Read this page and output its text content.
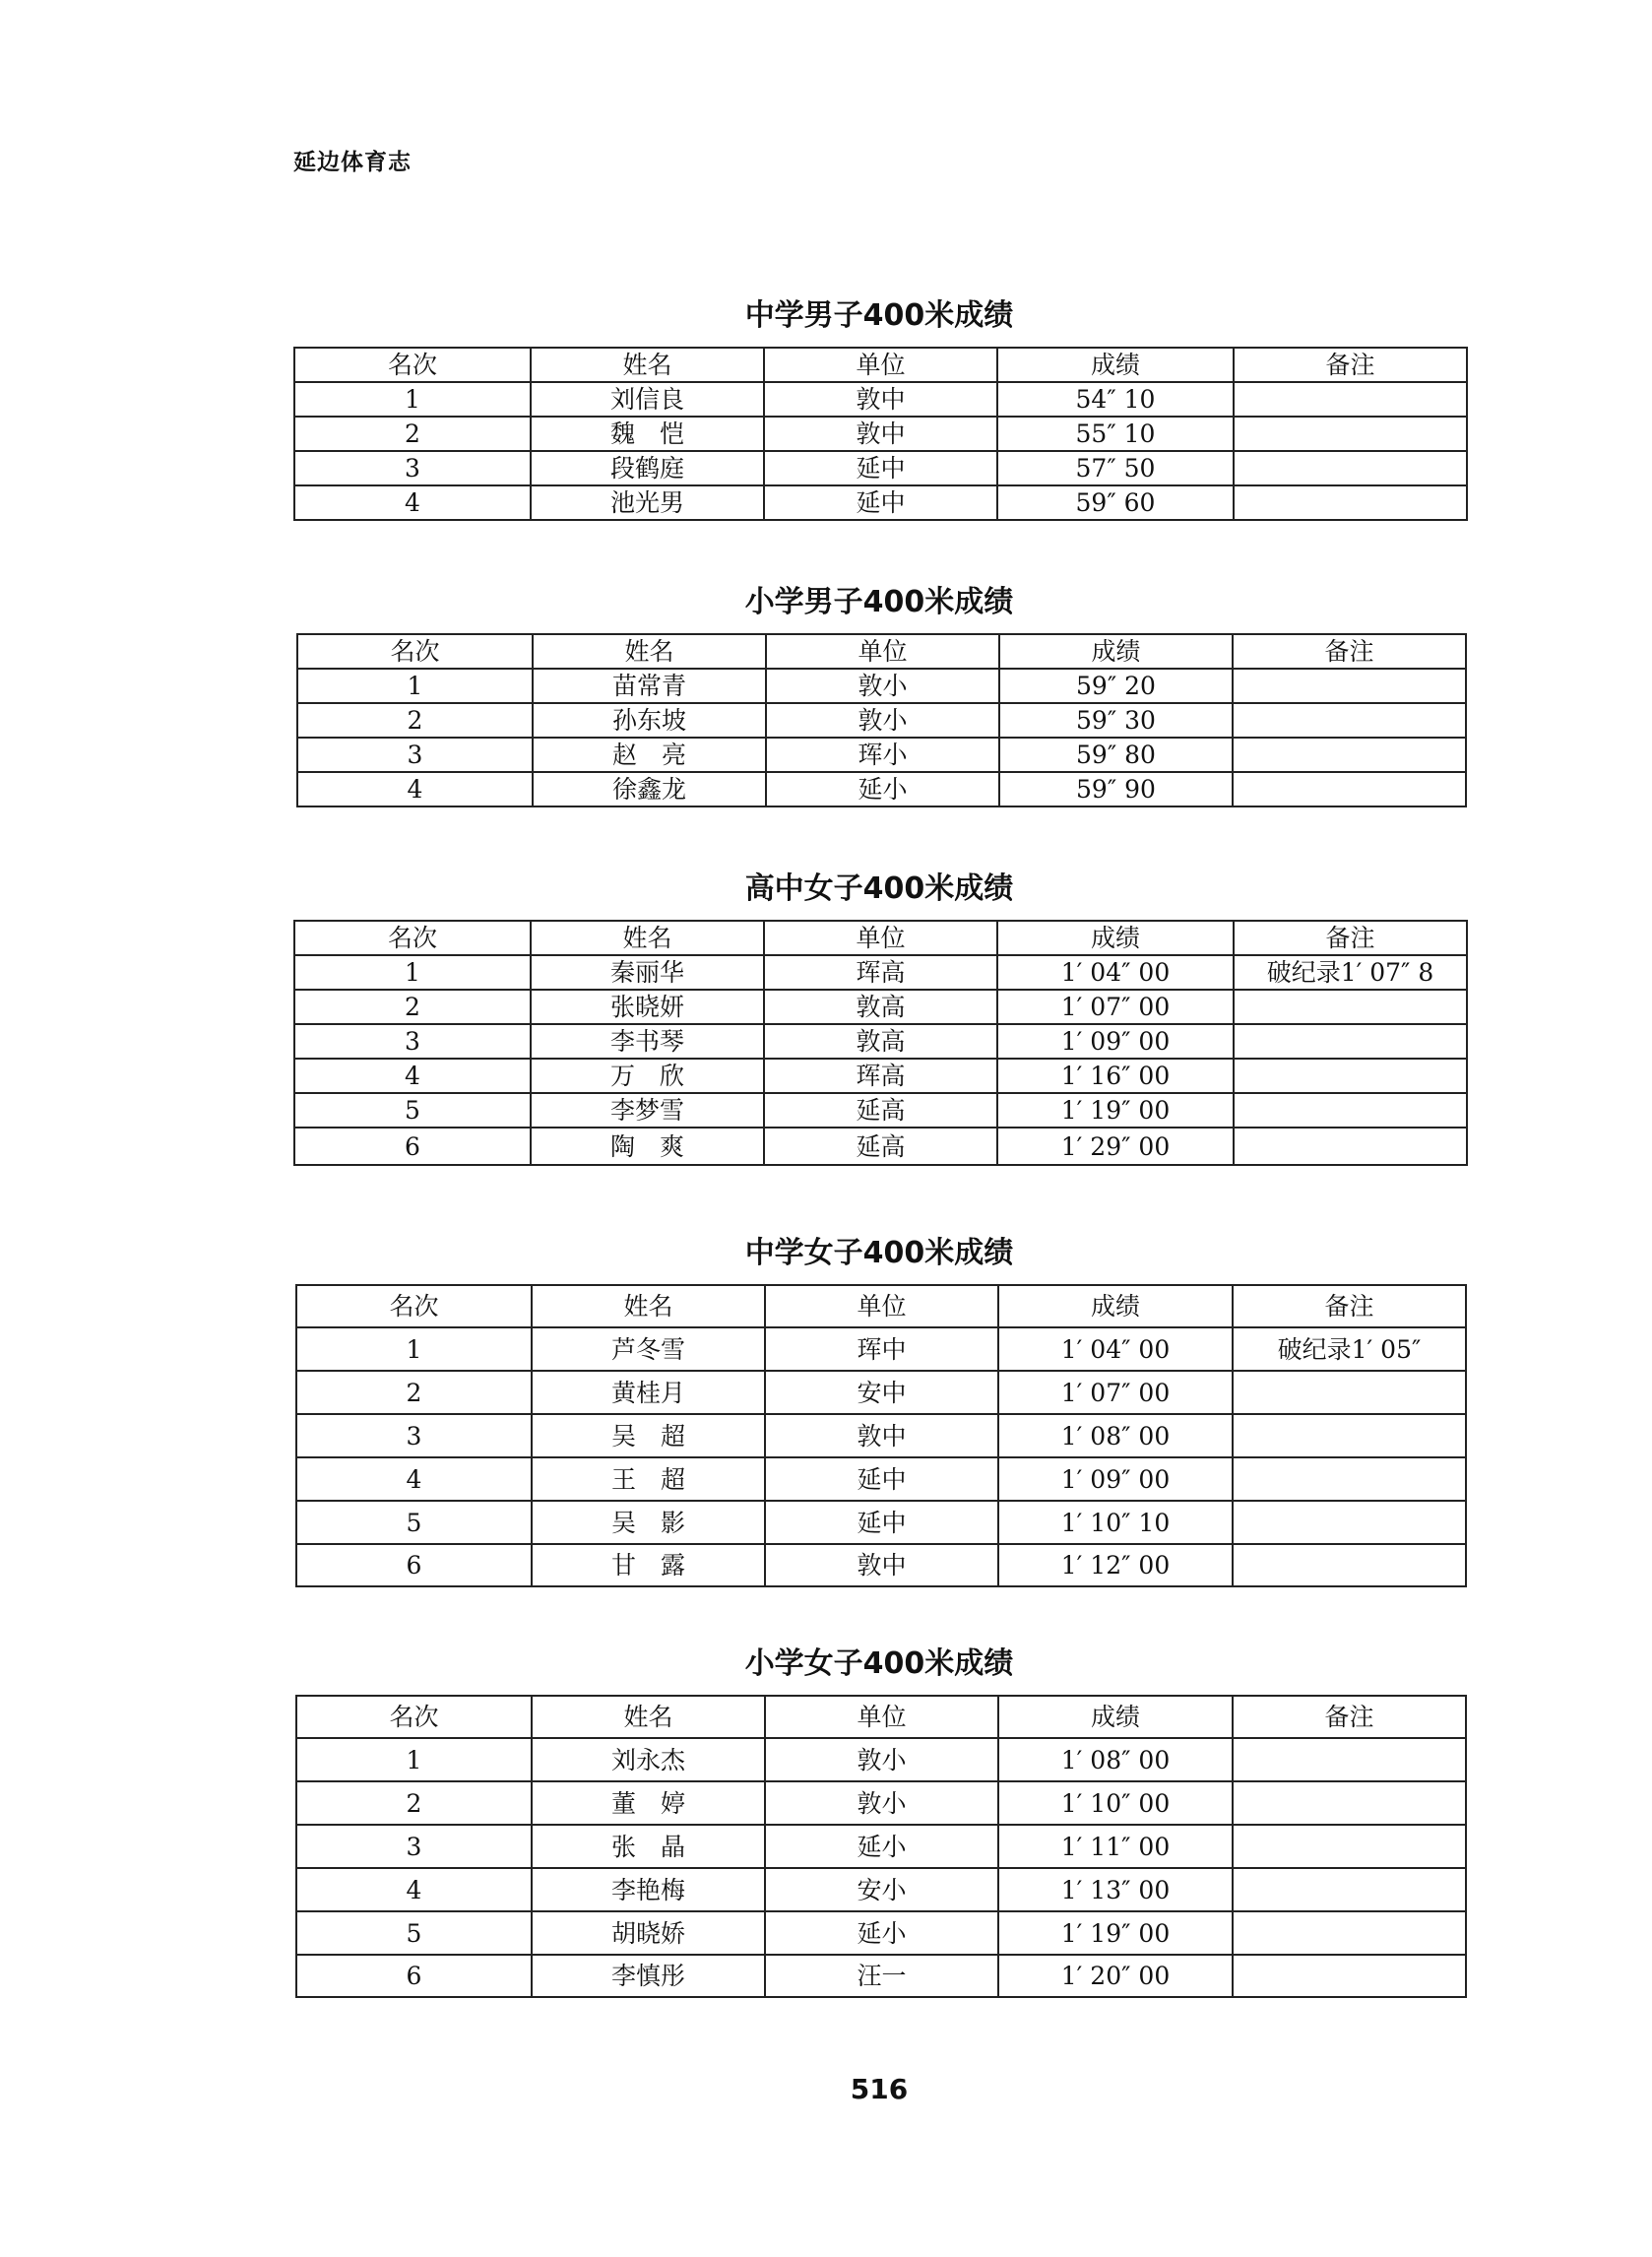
延边体育志
中学男子400米成绩
名次	姓名	单位	成绩	备注
1	刘信良	敦中	54″ 10	
2	魏　恺	敦中	55″ 10	
3	段鹤庭	延中	57″ 50	
4	池光男	延中	59″ 60	
小学男子400米成绩
名次	姓名	单位	成绩	备注
1	苗常青	敦小	59″ 20	
2	孙东坡	敦小	59″ 30	
3	赵　亮	珲小	59″ 80	
4	徐鑫龙	延小	59″ 90	
高中女子400米成绩
名次	姓名	单位	成绩	备注
1	秦丽华	珲高	1′ 04″ 00	破纪录1′ 07″ 8
2	张晓妍	敦高	1′ 07″ 00	
3	李书琴	敦高	1′ 09″ 00	
4	万　欣	珲高	1′ 16″ 00	
5	李梦雪	延高	1′ 19″ 00	
6	陶　爽	延高	1′ 29″ 00	
中学女子400米成绩
名次	姓名	单位	成绩	备注
1	芦冬雪	珲中	1′ 04″ 00	破纪录1′ 05″
2	黄桂月	安中	1′ 07″ 00	
3	吴　超	敦中	1′ 08″ 00	
4	王　超	延中	1′ 09″ 00	
5	吴　影	延中	1′ 10″ 10	
6	甘　露	敦中	1′ 12″ 00	
小学女子400米成绩
名次	姓名	单位	成绩	备注
1	刘永杰	敦小	1′ 08″ 00	
2	董　婷	敦小	1′ 10″ 00	
3	张　晶	延小	1′ 11″ 00	
4	李艳梅	安小	1′ 13″ 00	
5	胡晓娇	延小	1′ 19″ 00	
6	李慎彤	汪一	1′ 20″ 00	
516
